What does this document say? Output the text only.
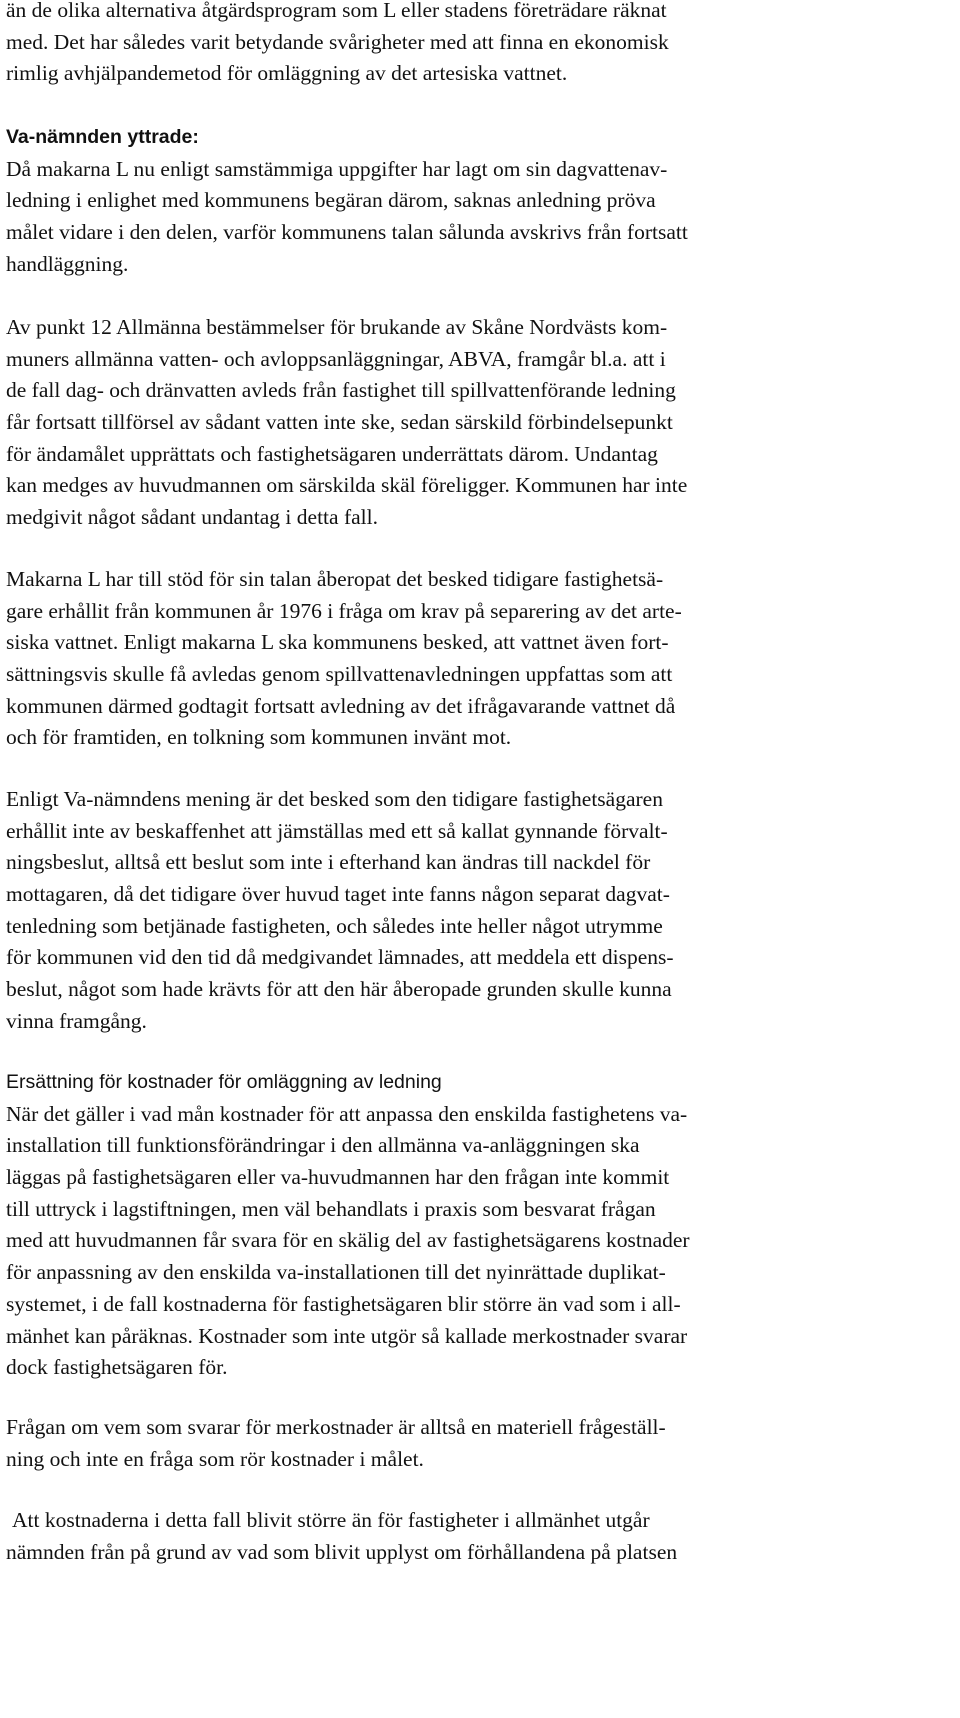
än de olika alternativa åtgärdsprogram som L eller stadens företrädare räknat
med. Det har således varit betydande svårigheter med att finna en ekonomisk
rimlig avhjälpandemetod för omläggning av det artesiska vattnet.
Va-nämnden yttrade:
Då makarna L nu enligt samstämmiga uppgifter har lagt om sin dagvattenav-
ledning i enlighet med kommunens begäran därom, saknas anledning pröva
målet vidare i den delen, varför kommunens talan sålunda avskrivs från fortsatt
handläggning.
Av punkt 12 Allmänna bestämmelser för brukande av Skåne Nordvästs kom-
muners allmänna vatten- och avloppsanläggningar, ABVA, framgår bl.a. att i
de fall dag- och dränvatten avleds från fastighet till spillvattenförande ledning
får fortsatt tillförsel av sådant vatten inte ske, sedan särskild förbindelsepunkt
för ändamålet upprättats och fastighetsägaren underrättats därom. Undantag
kan medges av huvudmannen om särskilda skäl föreligger. Kommunen har inte
medgivit något sådant undantag i detta fall.
Makarna L har till stöd för sin talan åberopat det besked tidigare fastighetsä-
gare erhållit från kommunen år 1976 i fråga om krav på separering av det arte-
siska vattnet. Enligt makarna L ska kommunens besked, att vattnet även fort-
sättningsvis skulle få avledas genom spillvattenavledningen uppfattas som att
kommunen därmed godtagit fortsatt avledning av det ifrågavarande vattnet då
och för framtiden, en tolkning som kommunen invänt mot.
Enligt Va-nämndens mening är det besked som den tidigare fastighetsägaren
erhållit inte av beskaffenhet att jämställas med ett så kallat gynnande förvalt-
ningsbeslut, alltså ett beslut som inte i efterhand kan ändras till nackdel för
mottagaren, då det tidigare över huvud taget inte fanns någon separat dagvat-
tenledning som betjänade fastigheten, och således inte heller något utrymme
för kommunen vid den tid då medgivandet lämnades, att meddela ett dispens-
beslut, något som hade krävts för att den här åberopade grunden skulle kunna
vinna framgång.
Ersättning för kostnader för omläggning av ledning
När det gäller i vad mån kostnader för att anpassa den enskilda fastighetens va-
installation till funktionsförändringar i den allmänna va-anläggningen ska
läggas på fastighetsägaren eller va-huvudmannen har den frågan inte kommit
till uttryck i lagstiftningen, men väl behandlats i praxis som besvarat frågan
med att huvudmannen får svara för en skälig del av fastighetsägarens kostnader
för anpassning av den enskilda va-installationen till det nyinrättade duplikat-
systemet, i de fall kostnaderna för fastighetsägaren blir större än vad som i all-
mänhet kan påräknas. Kostnader som inte utgör så kallade merkostnader svarar
dock fastighetsägaren för.
Frågan om vem som svarar för merkostnader är alltså en materiell frågeställ-
ning och inte en fråga som rör kostnader i målet.
Att kostnaderna i detta fall blivit större än för fastigheter i allmänhet utgår
nämnden från på grund av vad som blivit upplyst om förhållandena på platsen
